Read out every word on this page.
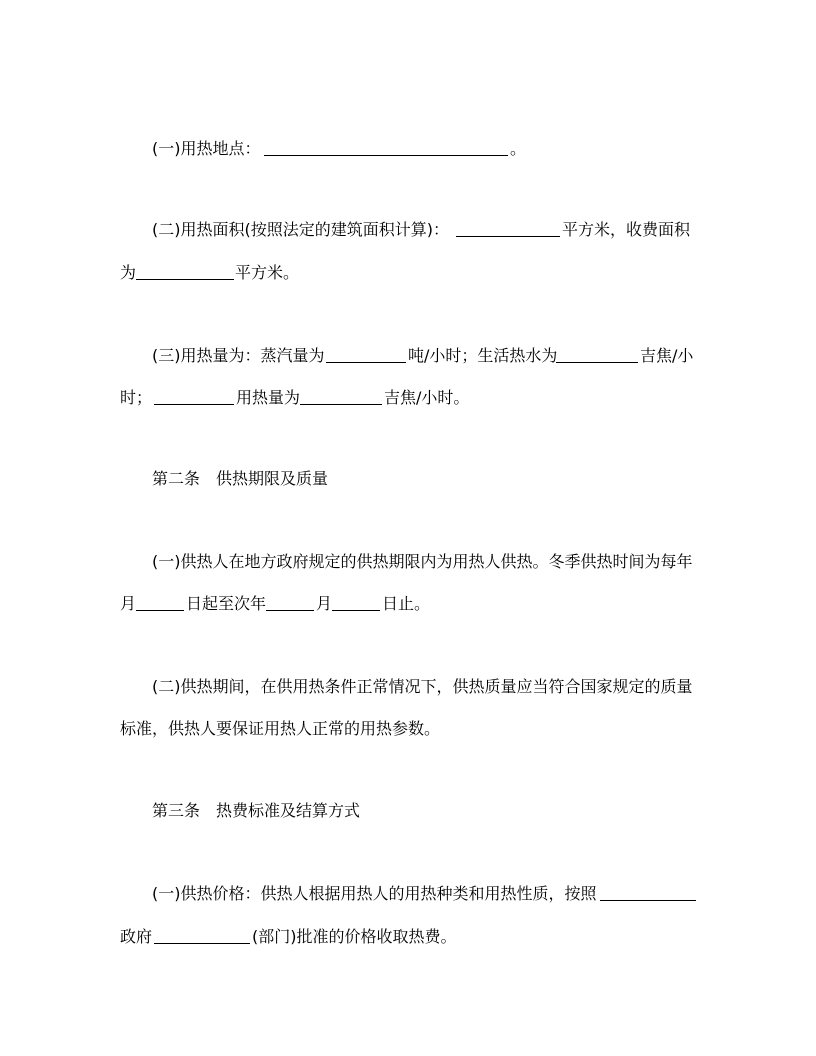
(一)用热地点：	。
(二)用热面积(按照法定的建筑面积计算)：	平方米，收费面积
为	平方米。
(三)用热量为：蒸汽量为	吨/小时；生活热水为	吉焦/小
时；	用热量为	吉焦/小时。
第二条　供热期限及质量
(一)供热人在地方政府规定的供热期限内为用热人供热。冬季供热时间为每年
月	日起至次年	月	日止。
(二)供热期间，在供用热条件正常情况下，供热质量应当符合国家规定的质量
标准，供热人要保证用热人正常的用热参数。
第三条　热费标准及结算方式
(一)供热价格：供热人根据用热人的用热种类和用热性质，按照
政府	(部门)批准的价格收取热费。
